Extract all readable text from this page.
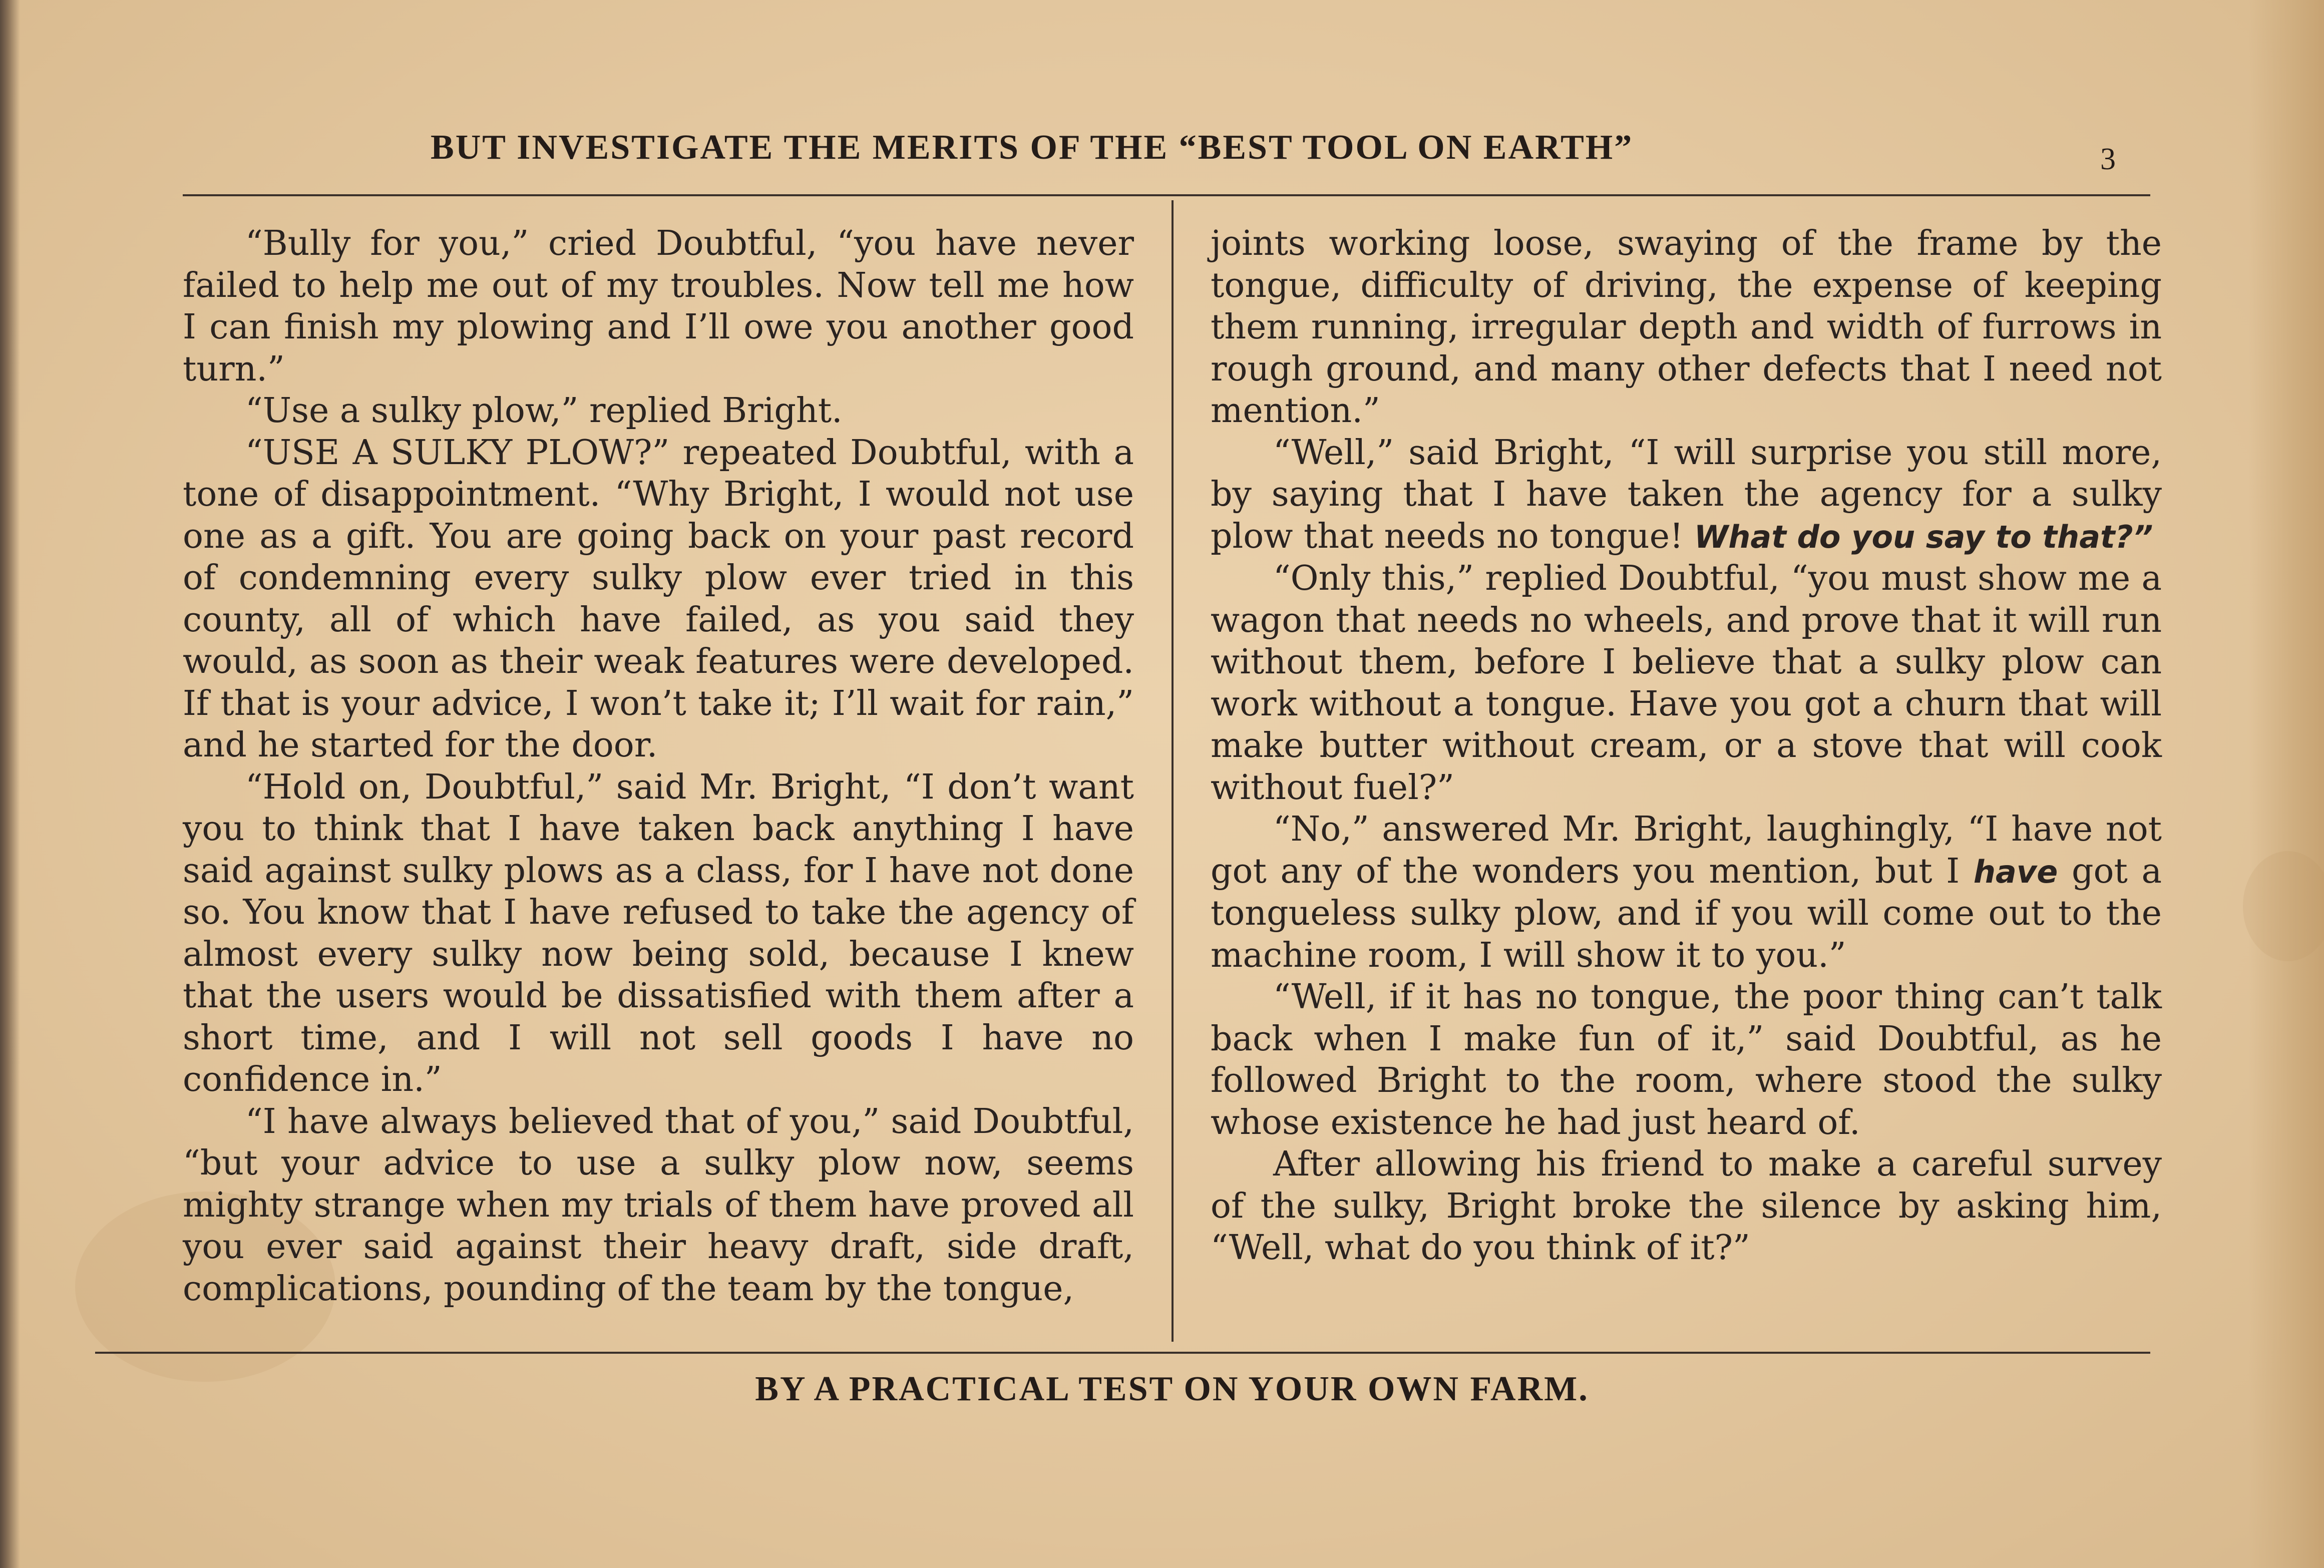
BUT INVESTIGATE THE MERITS OF THE “BEST TOOL ON EARTH”	3

“Bully for you,” cried Doubtful, “you have never failed to help me out of my troubles. Now tell me how I can finish my plowing and I’ll owe you another good turn.”

“Use a sulky plow,” replied Bright.

“USE A SULKY PLOW?” repeated Doubtful, with a tone of disappointment. “Why Bright, I would not use one as a gift. You are going back on your past record of condemning every sulky plow ever tried in this county, all of which have failed, as you said they would, as soon as their weak features were developed. If that is your advice, I won’t take it; I’ll wait for rain,” and he started for the door.

“Hold on, Doubtful,” said Mr. Bright, “I don’t want you to think that I have taken back anything I have said against sulky plows as a class, for I have not done so. You know that I have refused to take the agency of almost every sulky now being sold, because I knew that the users would be dissatisfied with them after a short time, and I will not sell goods I have no confidence in.”

“I have always believed that of you,” said Doubtful, “but your advice to use a sulky plow now, seems mighty strange when my trials of them have proved all you ever said against their heavy draft, side draft, complications, pounding of the team by the tongue,

joints working loose, swaying of the frame by the tongue, difficulty of driving, the expense of keeping them running, irregular depth and width of furrows in rough ground, and many other defects that I need not mention.”

“Well,” said Bright, “I will surprise you still more, by saying that I have taken the agency for a sulky plow that needs no tongue! What do you say to that?”

“Only this,” replied Doubtful, “you must show me a wagon that needs no wheels, and prove that it will run without them, before I believe that a sulky plow can work without a tongue. Have you got a churn that will make butter without cream, or a stove that will cook without fuel?”

“No,” answered Mr. Bright, laughingly, “I have not got any of the wonders you mention, but I have got a tongueless sulky plow, and if you will come out to the machine room, I will show it to you.”

“Well, if it has no tongue, the poor thing can’t talk back when I make fun of it,” said Doubtful, as he followed Bright to the room, where stood the sulky whose existence he had just heard of.

After allowing his friend to make a careful survey of the sulky, Bright broke the silence by asking him, “Well, what do you think of it?”

BY A PRACTICAL TEST ON YOUR OWN FARM.
